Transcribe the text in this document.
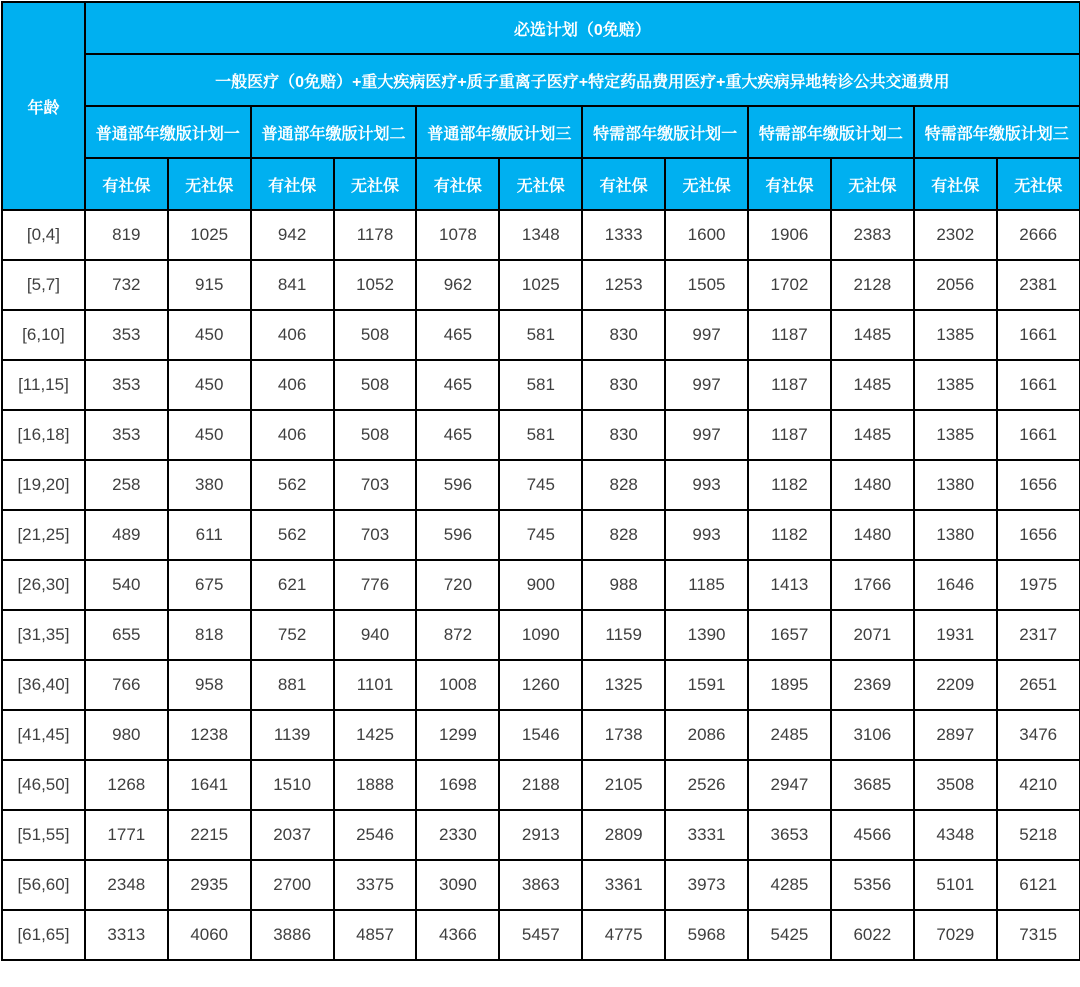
年龄	必选计划（0免赔）											
	一般医疗（0免赔）+重大疾病医疗+质子重离子医疗+特定药品费用医疗+重大疾病异地转诊公共交通费用											
	普通部年缴版计划一		普通部年缴版计划二		普通部年缴版计划三		特需部年缴版计划一		特需部年缴版计划二		特需部年缴版计划三	
	有社保	无社保	有社保	无社保	有社保	无社保	有社保	无社保	有社保	无社保	有社保	无社保
[0,4]	819	1025	942	1178	1078	1348	1333	1600	1906	2383	2302	2666
[5,7]	732	915	841	1052	962	1025	1253	1505	1702	2128	2056	2381
[6,10]	353	450	406	508	465	581	830	997	1187	1485	1385	1661
[11,15]	353	450	406	508	465	581	830	997	1187	1485	1385	1661
[16,18]	353	450	406	508	465	581	830	997	1187	1485	1385	1661
[19,20]	258	380	562	703	596	745	828	993	1182	1480	1380	1656
[21,25]	489	611	562	703	596	745	828	993	1182	1480	1380	1656
[26,30]	540	675	621	776	720	900	988	1185	1413	1766	1646	1975
[31,35]	655	818	752	940	872	1090	1159	1390	1657	2071	1931	2317
[36,40]	766	958	881	1101	1008	1260	1325	1591	1895	2369	2209	2651
[41,45]	980	1238	1139	1425	1299	1546	1738	2086	2485	3106	2897	3476
[46,50]	1268	1641	1510	1888	1698	2188	2105	2526	2947	3685	3508	4210
[51,55]	1771	2215	2037	2546	2330	2913	2809	3331	3653	4566	4348	5218
[56,60]	2348	2935	2700	3375	3090	3863	3361	3973	4285	5356	5101	6121
[61,65]	3313	4060	3886	4857	4366	5457	4775	5968	5425	6022	7029	7315
